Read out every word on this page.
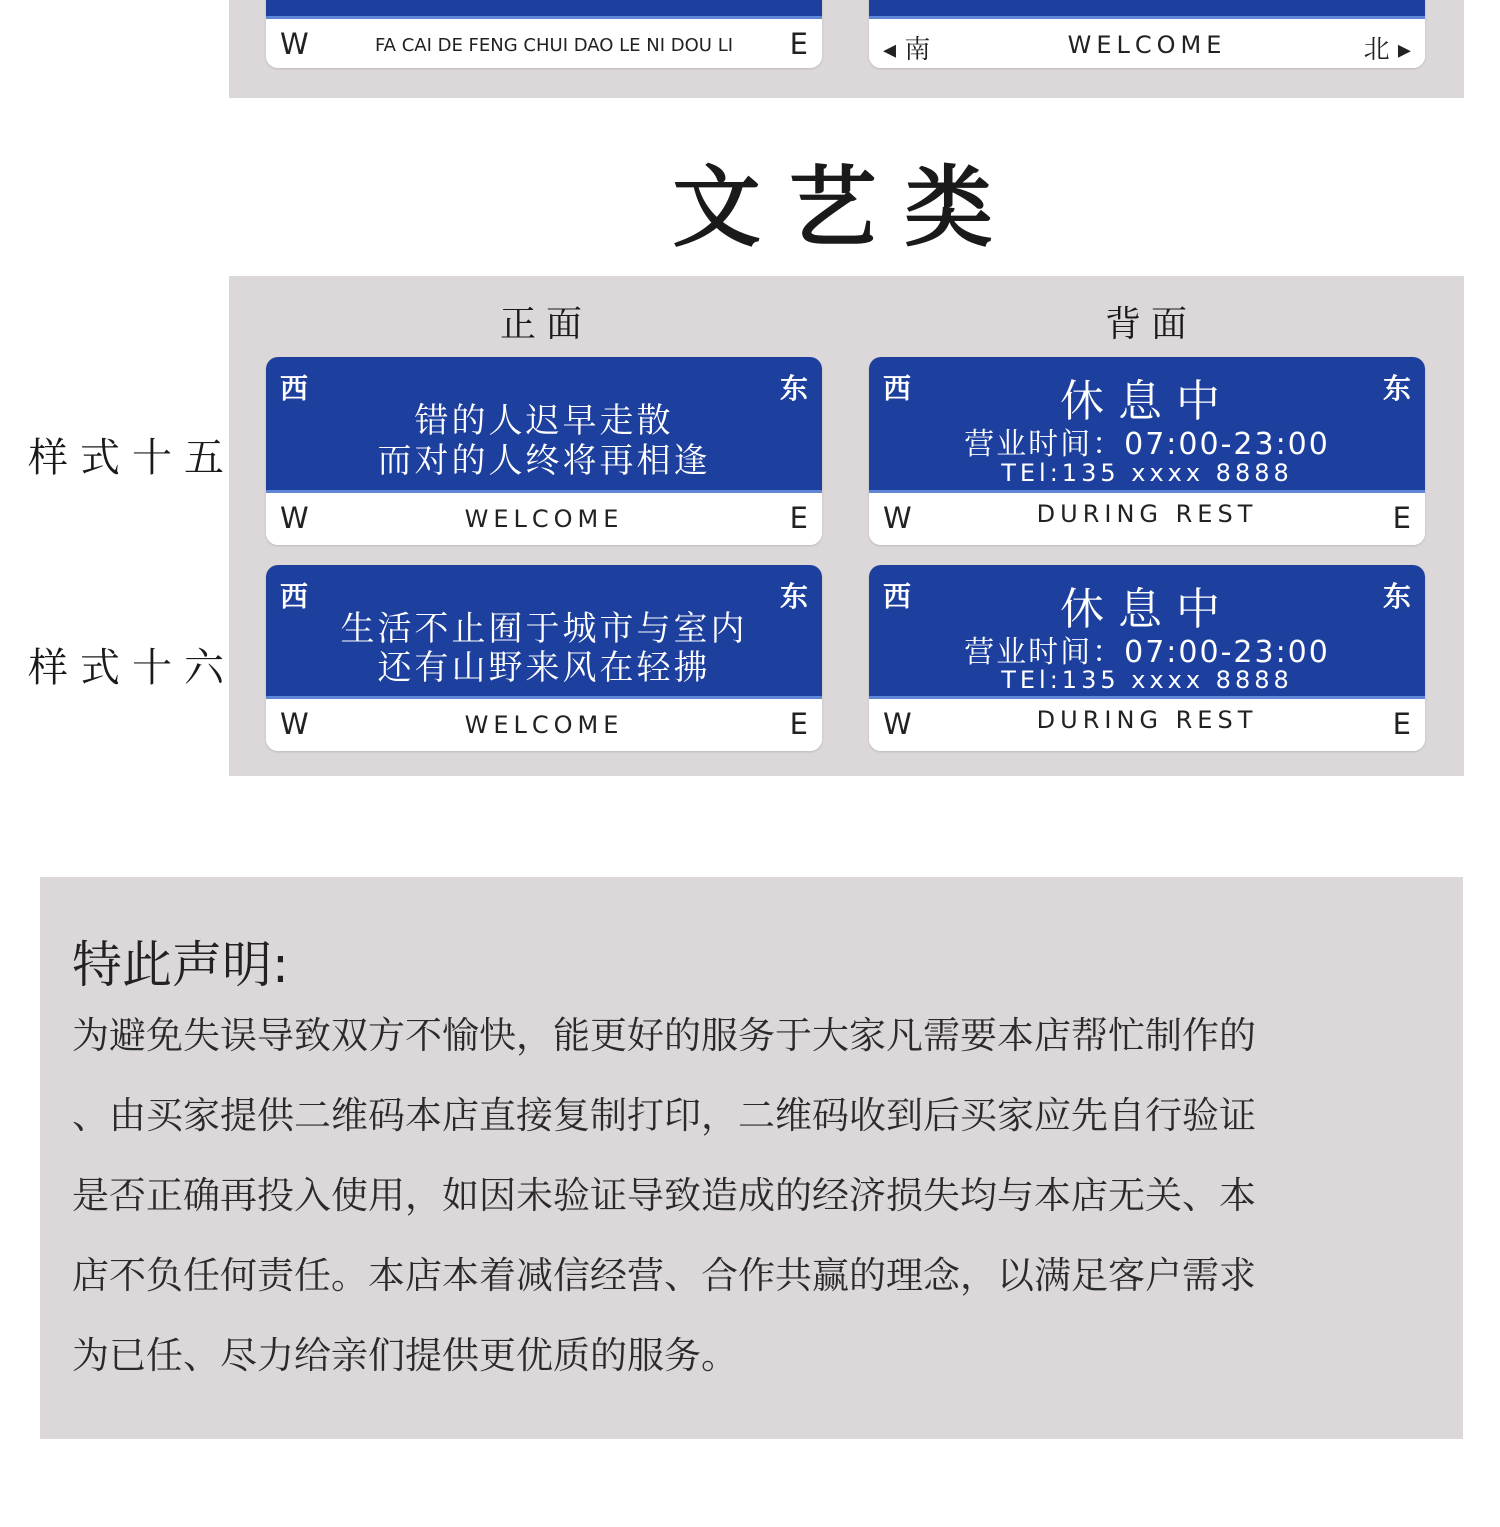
W	FA CAI DE FENG CHUI DAO LE NI DOU LI	E	◂ 南	WELCOME	北 ▸
文艺类
正面	背面
样式十五
样式十六
西	东
错的人迟早走散
而对的人终将再相逢
W	WELCOME	E
西	东
休息中
营业时间：07:00-23:00
TEl:135 xxxx 8888
W	DURING REST	E
西	东
生活不止囿于城市与室内
还有山野来风在轻拂
W	WELCOME	E
西	东
休息中
营业时间：07:00-23:00
TEl:135 xxxx 8888
W	DURING REST	E
特此声明:
为避免失误导致双方不愉快，能更好的服务于大家凡需要本店帮忙制作的
、由买家提供二维码本店直接复制打印，二维码收到后买家应先自行验证
是否正确再投入使用，如因未验证导致造成的经济损失均与本店无关、本
店不负任何责任。本店本着减信经营、合作共赢的理念，以满足客户需求
为已任、尽力给亲们提供更优质的服务。
